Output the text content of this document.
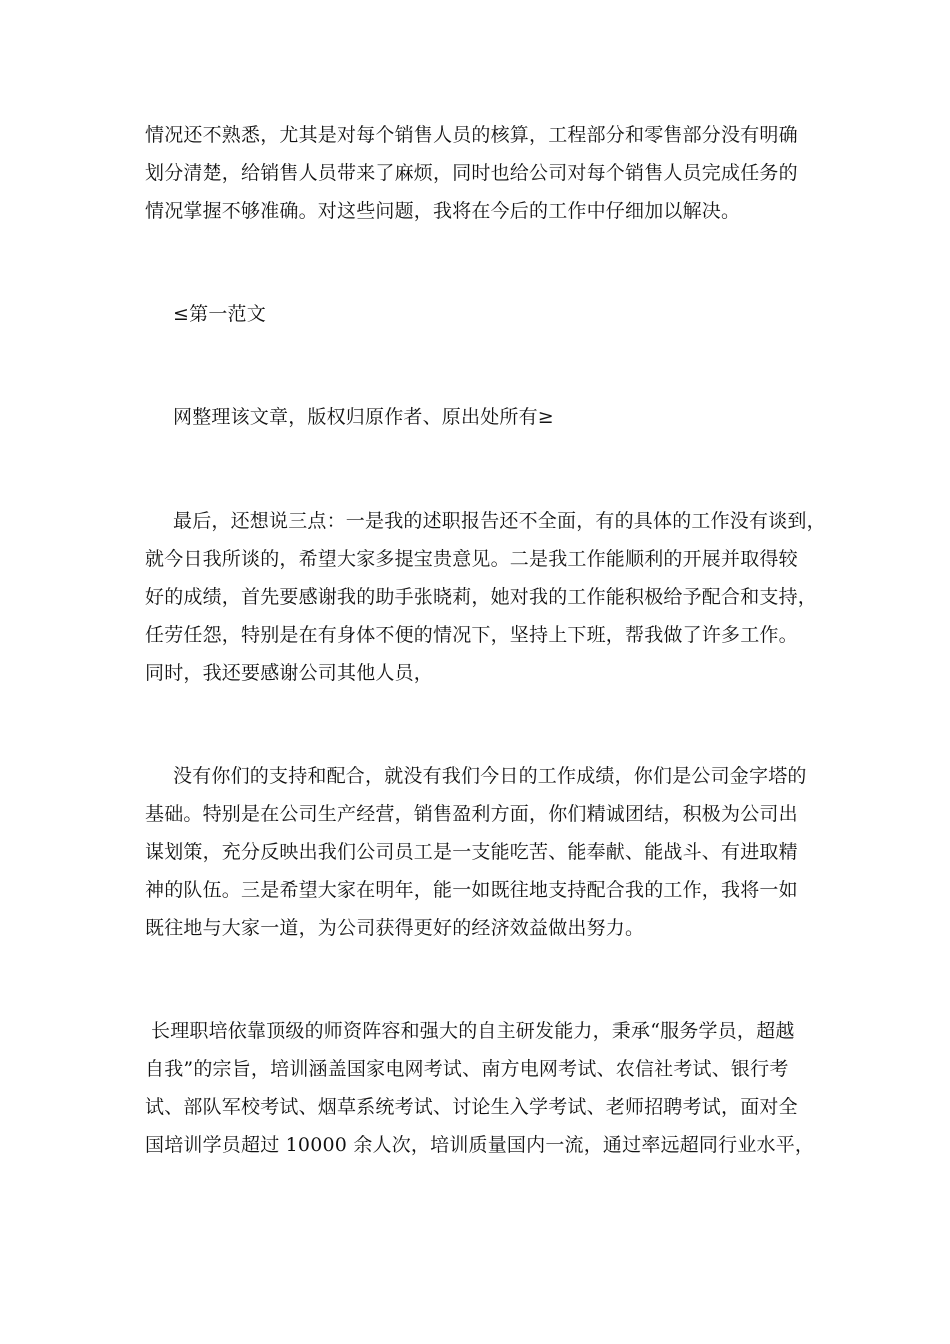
情况还不熟悉，尤其是对每个销售人员的核算，工程部分和零售部分没有明确
划分清楚，给销售人员带来了麻烦，同时也给公司对每个销售人员完成任务的
情况掌握不够准确。对这些问题，我将在今后的工作中仔细加以解决。
≤第一范文
网整理该文章，版权归原作者、原出处所有≥
最后，还想说三点：一是我的述职报告还不全面，有的具体的工作没有谈到，
就今日我所谈的，希望大家多提宝贵意见。二是我工作能顺利的开展并取得较
好的成绩，首先要感谢我的助手张晓莉，她对我的工作能积极给予配合和支持，
任劳任怨，特别是在有身体不便的情况下，坚持上下班，帮我做了许多工作。
同时，我还要感谢公司其他人员，
没有你们的支持和配合，就没有我们今日的工作成绩，你们是公司金字塔的
基础。特别是在公司生产经营，销售盈利方面，你们精诚团结，积极为公司出
谋划策，充分反映出我们公司员工是一支能吃苦、能奉献、能战斗、有进取精
神的队伍。三是希望大家在明年，能一如既往地支持配合我的工作，我将一如
既往地与大家一道，为公司获得更好的经济效益做出努力。
长理职培依靠顶级的师资阵容和强大的自主研发能力，秉承“服务学员，超越
自我”的宗旨，培训涵盖国家电网考试、南方电网考试、农信社考试、银行考
试、部队军校考试、烟草系统考试、讨论生入学考试、老师招聘考试，面对全
国培训学员超过 10000 余人次，培训质量国内一流，通过率远超同行业水平，
